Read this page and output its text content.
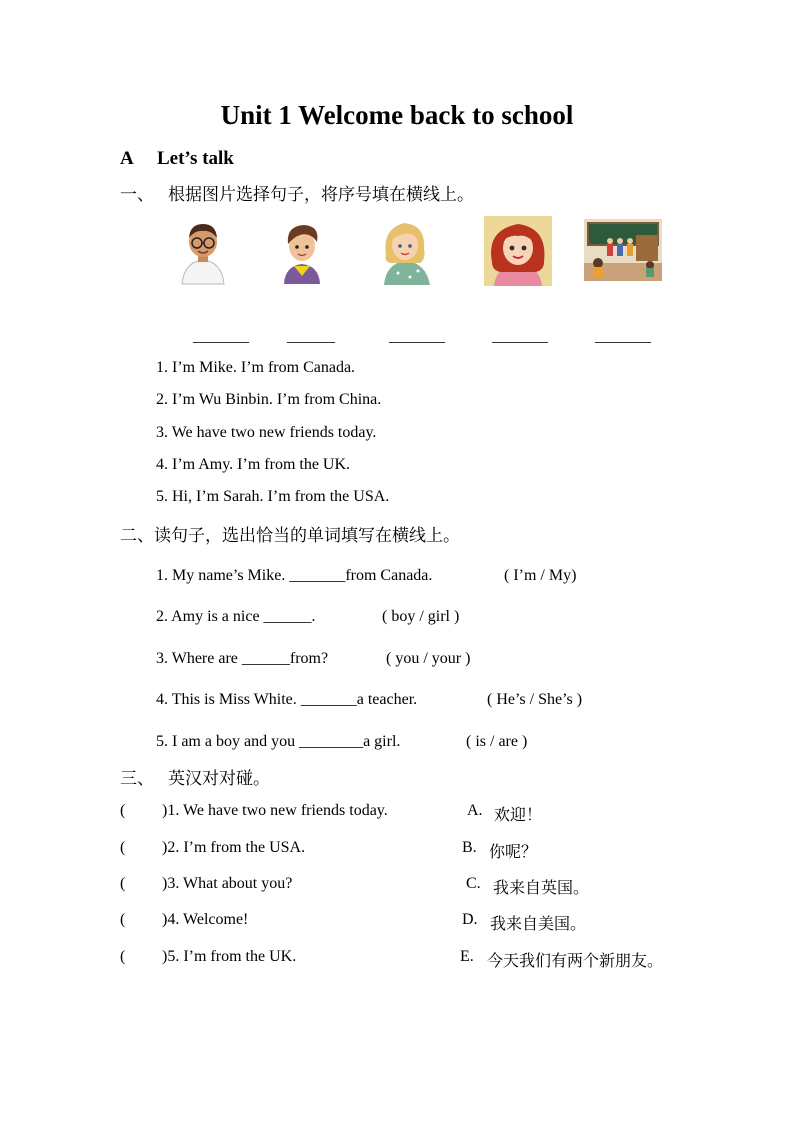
Unit 1 Welcome back to school
A Let’s talk
一、 根据图片选择句子，将序号填在横线上。
_______ ______	_______	_______	_______
1. I’m Mike. I’m from Canada.
2. I’m Wu Binbin. I’m from China.
3. We have two new friends today.
4. I’m Amy. I’m from the UK.
5. Hi, I’m Sarah. I’m from the USA.
二、读句子，选出恰当的单词填写在横线上。
1. My name’s Mike. _______from Canada.	( I’m / My)
2. Amy is a nice ______.	( boy / girl )
3. Where are ______from?	( you / your )
4. This is Miss White. _______a teacher.	( He’s / She’s )
5. I am a boy and you ________a girl.	( is / are )
三、 英汉对对碰。
( )1. We have two new friends today.	A. 欢迎！
( )2. I’m from the USA.	B. 你呢？
( )3. What about you?	C. 我来自英国。
( )4. Welcome!	D. 我来自美国。
( )5. I’m from the UK.	E. 今天我们有两个新朋友。
